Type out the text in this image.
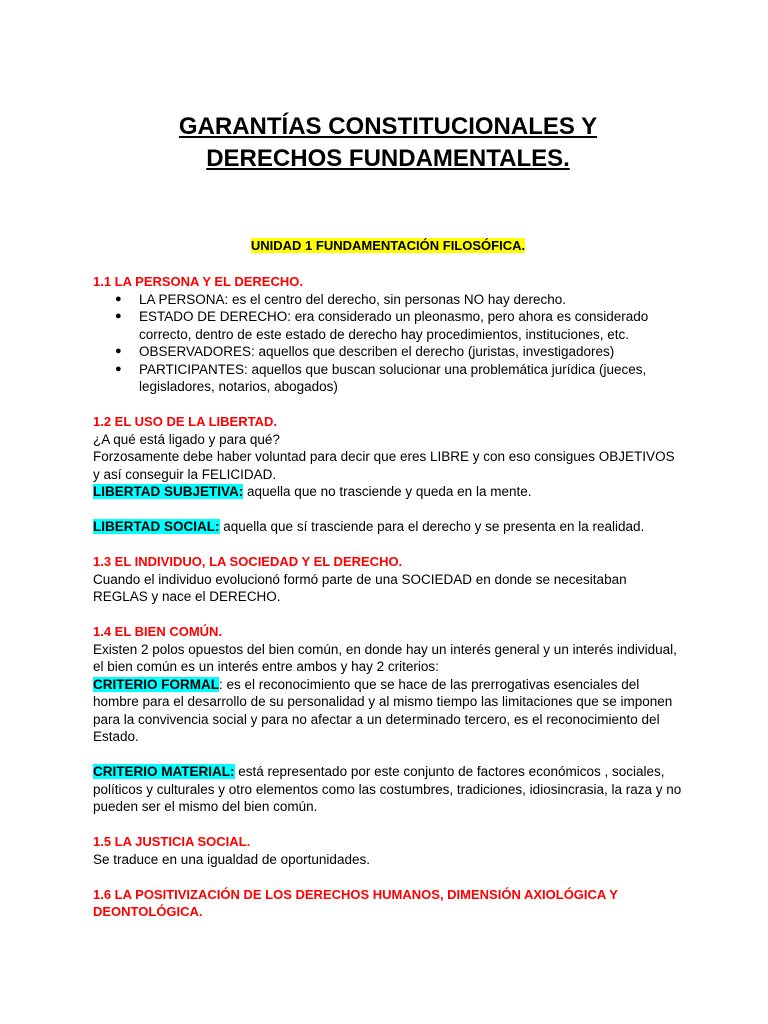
GARANTÍAS CONSTITUCIONALES Y
DERECHOS FUNDAMENTALES.
UNIDAD 1 FUNDAMENTACIÓN FILOSÓFICA.

1.1 LA PERSONA Y EL DERECHO.

● LA PERSONA: es el centro del derecho, sin personas NO hay derecho.
● ESTADO DE DERECHO: era considerado un pleonasmo, pero ahora es considerado correcto, dentro de este estado de derecho hay procedimientos, instituciones, etc.
● OBSERVADORES: aquellos que describen el derecho (juristas, investigadores)
● PARTICIPANTES: aquellos que buscan solucionar una problemática jurídica (jueces, legisladores, notarios, abogados)

1.2 EL USO DE LA LIBERTAD.

¿A qué está ligado y para qué?

Forzosamente debe haber voluntad para decir que eres LIBRE y con eso consigues OBJETIVOS y así conseguir la FELICIDAD.

LIBERTAD SUBJETIVA: aquella que no trasciende y queda en la mente.

LIBERTAD SOCIAL: aquella que sí trasciende para el derecho y se presenta en la realidad.

1.3 EL INDIVIDUO, LA SOCIEDAD Y EL DERECHO.

Cuando el individuo evolucionó formó parte de una SOCIEDAD en donde se necesitaban REGLAS y nace el DERECHO.

1.4 EL BIEN COMÚN.

Existen 2 polos opuestos del bien común, en donde hay un interés general y un interés individual, el bien común es un interés entre ambos y hay 2 criterios:

CRITERIO FORMAL: es el reconocimiento que se hace de las prerrogativas esenciales del hombre para el desarrollo de su personalidad y al mismo tiempo las limitaciones que se imponen para la convivencia social y para no afectar a un determinado tercero, es el reconocimiento del Estado.

CRITERIO MATERIAL: está representado por este conjunto de factores económicos , sociales, políticos y culturales y otro elementos como las costumbres, tradiciones, idiosincrasia, la raza y no pueden ser el mismo del bien común.

1.5 LA JUSTICIA SOCIAL.

Se traduce en una igualdad de oportunidades.

1.6 LA POSITIVIZACIÓN DE LOS DERECHOS HUMANOS, DIMENSIÓN AXIOLÓGICA Y DEONTOLÓGICA.
